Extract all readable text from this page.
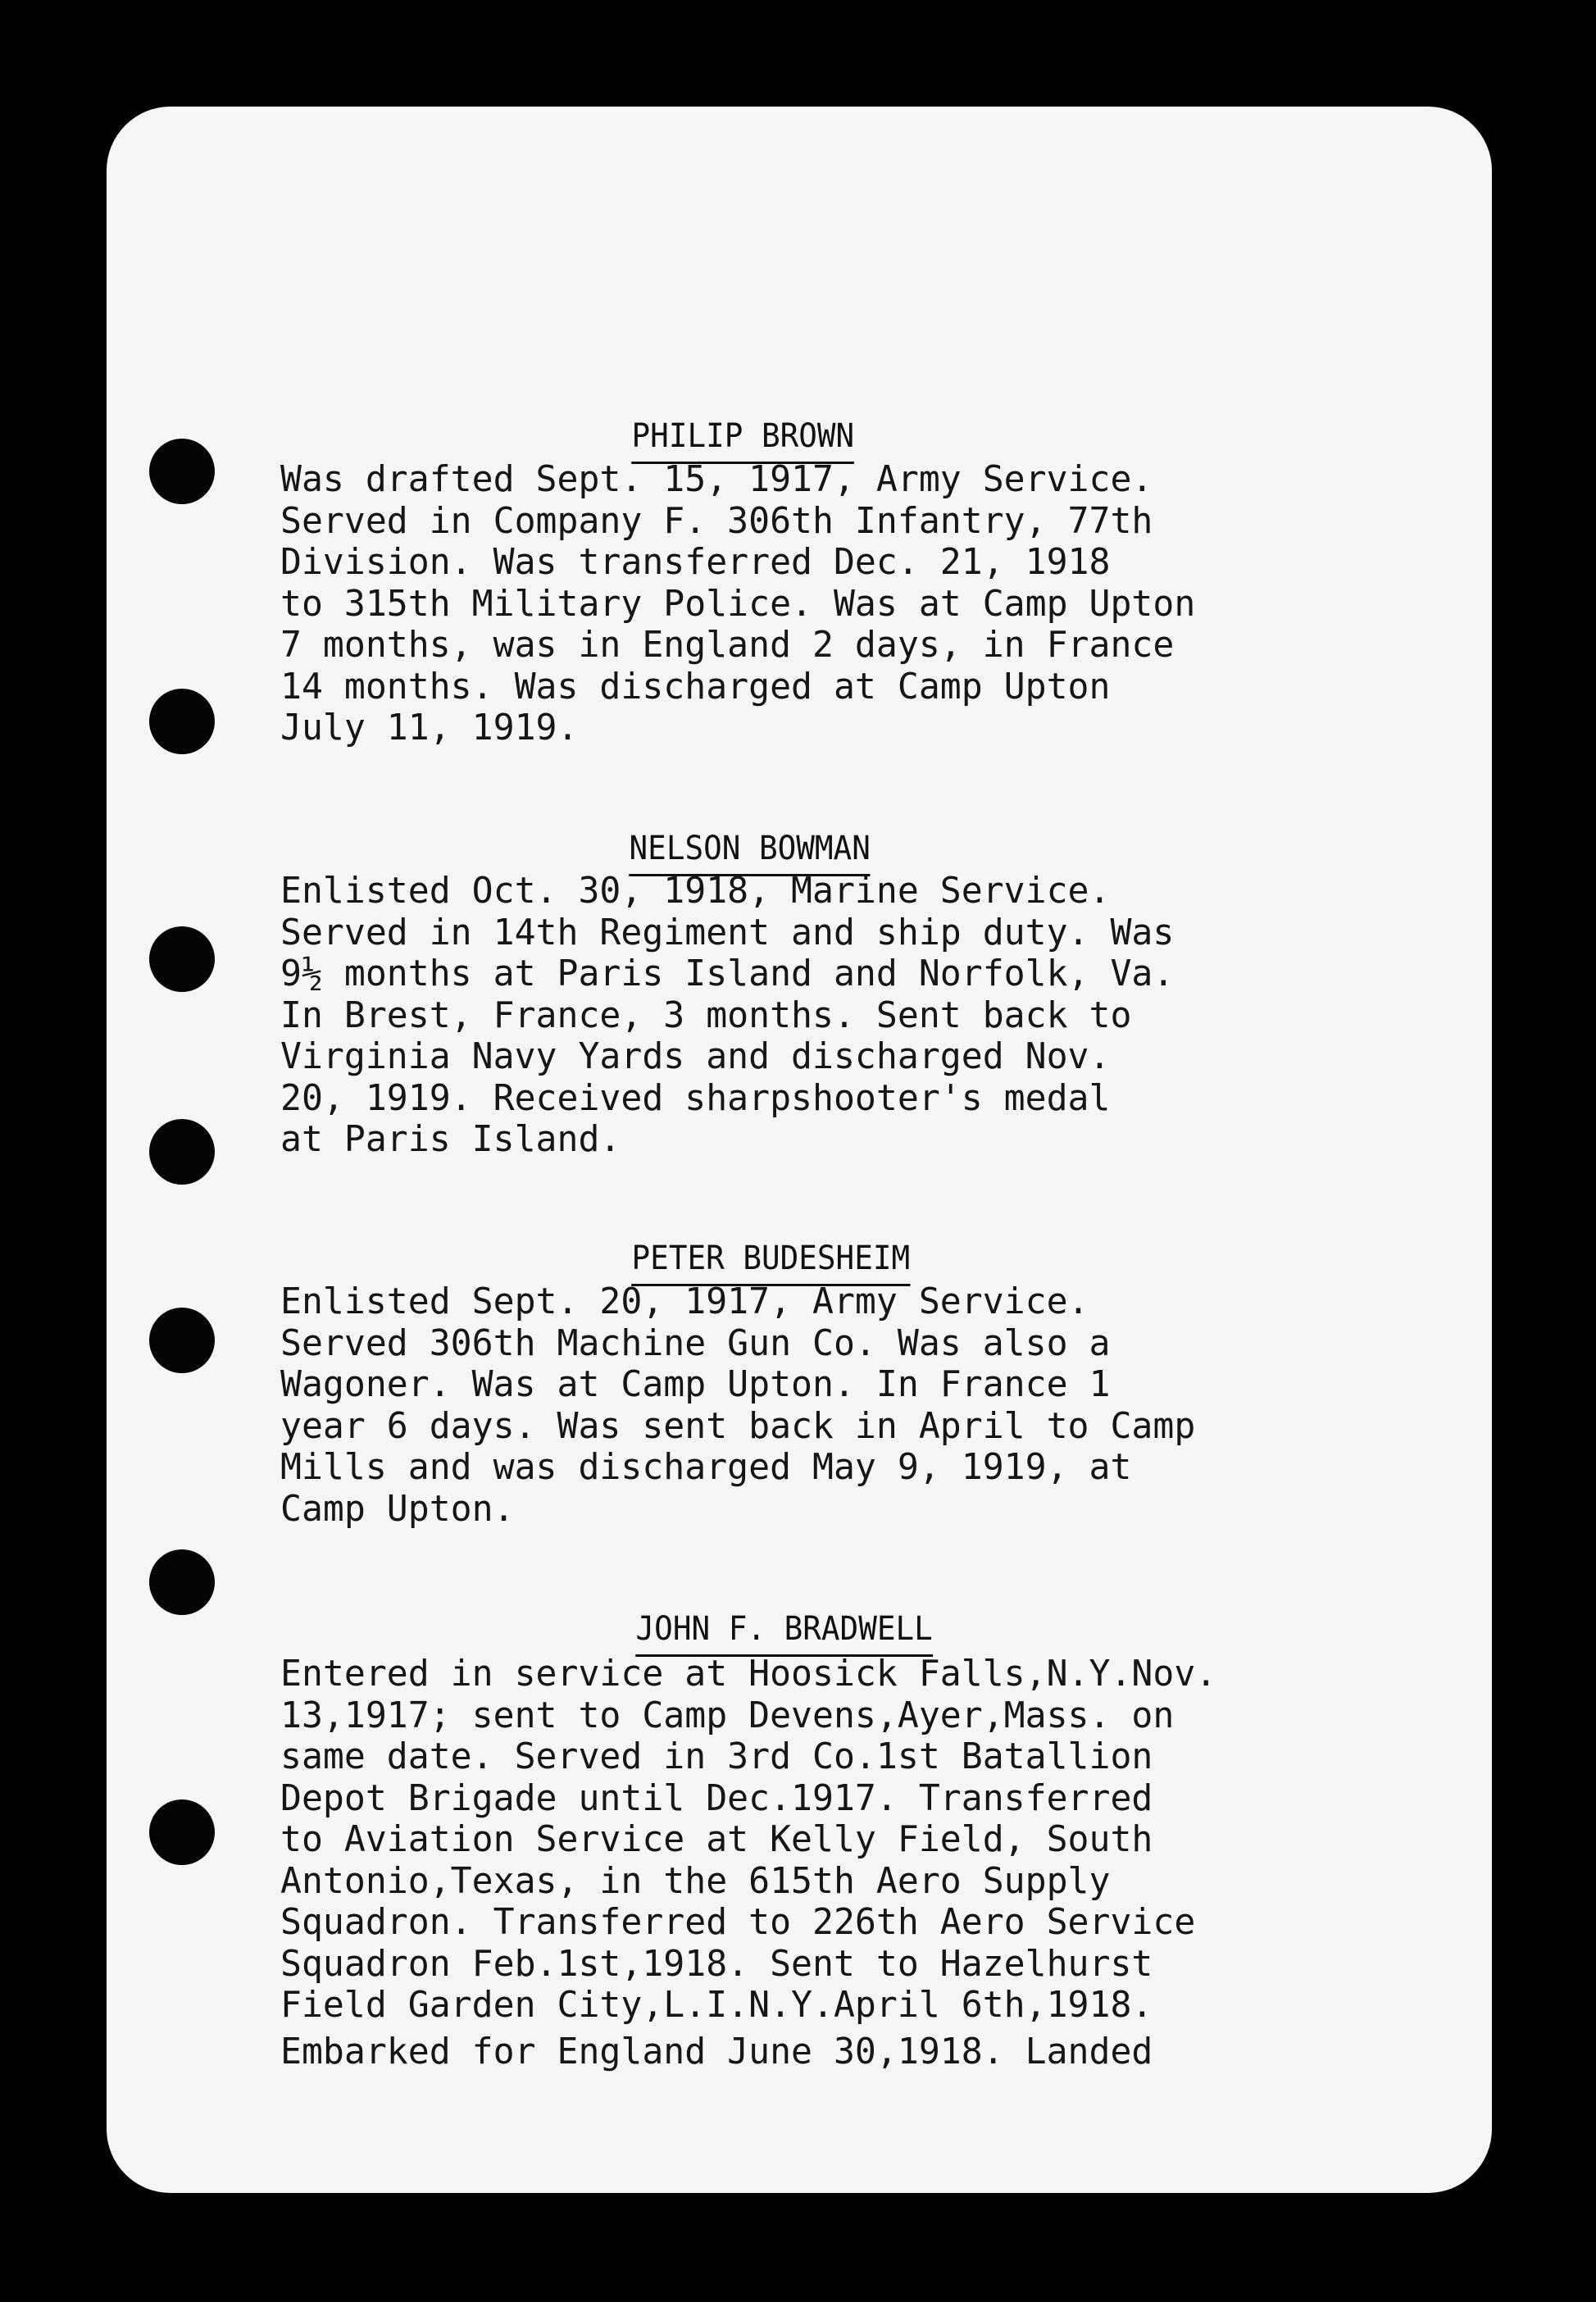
PHILIP BROWN

Was drafted Sept. 15, 1917, Army Service.
Served in Company F. 306th Infantry, 77th
Division. Was transferred Dec. 21, 1918
to 315th Military Police. Was at Camp Upton
7 months, was in England 2 days, in France
14 months. Was discharged at Camp Upton
July 11, 1919.

NELSON BOWMAN

Enlisted Oct. 30, 1918, Marine Service.
Served in 14th Regiment and ship duty. Was
9½ months at Paris Island and Norfolk, Va.
In Brest, France, 3 months. Sent back to
Virginia Navy Yards and discharged Nov.
20, 1919. Received sharpshooter's medal
at Paris Island.

PETER BUDESHEIM

Enlisted Sept. 20, 1917, Army Service.
Served 306th Machine Gun Co. Was also a
Wagoner. Was at Camp Upton. In France 1
year 6 days. Was sent back in April to Camp
Mills and was discharged May 9, 1919, at
Camp Upton.

JOHN F. BRADWELL

Entered in service at Hoosick Falls,N.Y.Nov.
13,1917; sent to Camp Devens,Ayer,Mass. on
same date. Served in 3rd Co.1st Batallion
Depot Brigade until Dec.1917. Transferred
to Aviation Service at Kelly Field, South
Antonio,Texas, in the 615th Aero Supply
Squadron. Transferred to 226th Aero Service
Squadron Feb.1st,1918. Sent to Hazelhurst
Field Garden City,L.I.N.Y.April 6th,1918.
Embarked for England June 30,1918. Landed
